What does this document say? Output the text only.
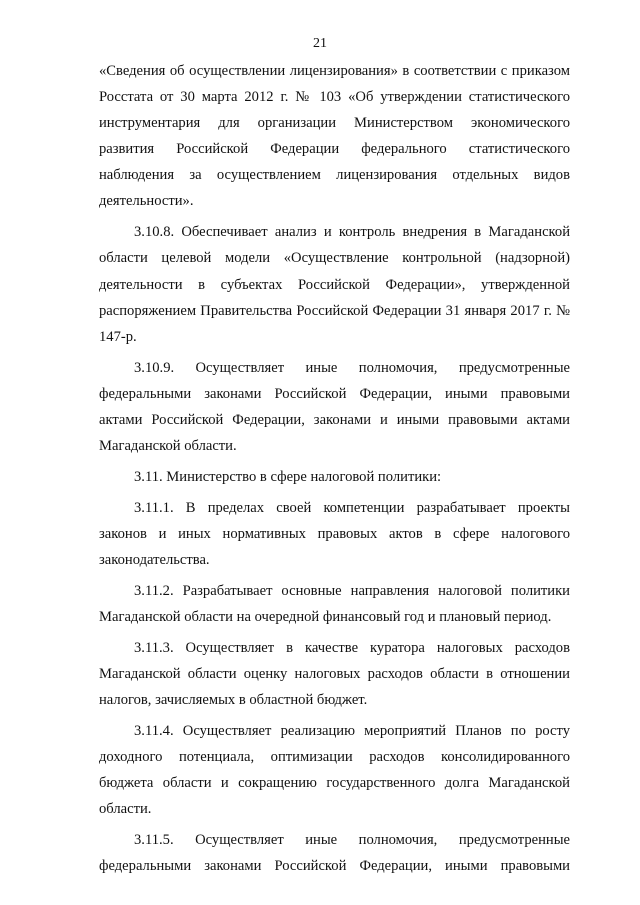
21

«Сведения об осуществлении лицензирования» в соответствии с приказом Росстата от 30 марта 2012 г. № 103 «Об утверждении статистического инструментария для организации Министерством экономического развития Российской Федерации федерального статистического наблюдения за осуществлением лицензирования отдельных видов деятельности».

3.10.8. Обеспечивает анализ и контроль внедрения в Магаданской области целевой модели «Осуществление контрольной (надзорной) деятельности в субъектах Российской Федерации», утвержденной распоряжением Правительства Российской Федерации 31 января 2017 г. № 147-р.

3.10.9. Осуществляет иные полномочия, предусмотренные федеральными законами Российской Федерации, иными правовыми актами Российской Федерации, законами и иными правовыми актами Магаданской области.

3.11. Министерство в сфере налоговой политики:

3.11.1. В пределах своей компетенции разрабатывает проекты законов и иных нормативных правовых актов в сфере налогового законодательства.

3.11.2. Разрабатывает основные направления налоговой политики Магаданской области на очередной финансовый год и плановый период.

3.11.3. Осуществляет в качестве куратора налоговых расходов Магаданской области оценку налоговых расходов области в отношении налогов, зачисляемых в областной бюджет.

3.11.4. Осуществляет реализацию мероприятий Планов по росту доходного потенциала, оптимизации расходов консолидированного бюджета области и сокращению государственного долга Магаданской области.

3.11.5. Осуществляет иные полномочия, предусмотренные федеральными законами Российской Федерации, иными правовыми
